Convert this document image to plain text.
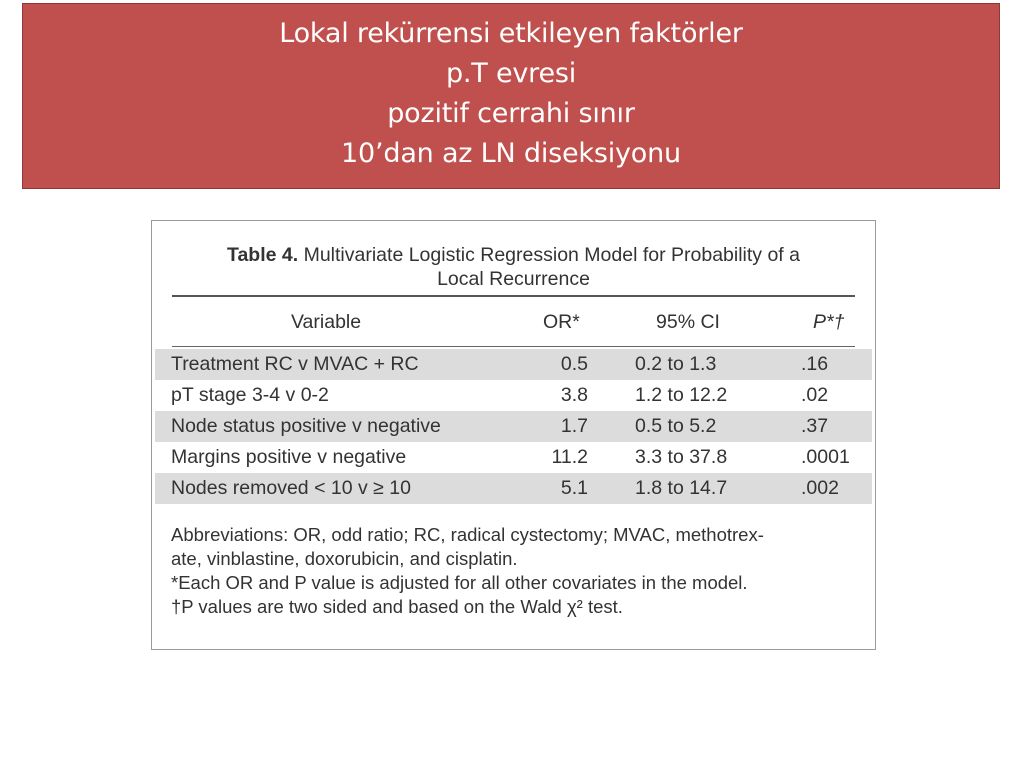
Lokal rekürrensi etkileyen faktörler
p.T evresi
pozitif cerrahi sınır
10’dan az LN diseksiyonu
Table 4. Multivariate Logistic Regression Model for Probability of a
Local Recurrence
Variable	OR*	95% CI	P*†
Treatment RC v MVAC + RC	0.5 0.2 to 1.3	.16
pT stage 3-4 v 0-2	3.8 1.2 to 12.2	.02
Node status positive v negative	1.7 0.5 to 5.2	.37
Margins positive v negative	11.2 3.3 to 37.8	.0001
Nodes removed < 10 v ≥ 10	5.1 1.8 to 14.7	.002
Abbreviations: OR, odd ratio; RC, radical cystectomy; MVAC, methotrex-
ate, vinblastine, doxorubicin, and cisplatin.
*Each OR and P value is adjusted for all other covariates in the model.
†P values are two sided and based on the Wald χ² test.
